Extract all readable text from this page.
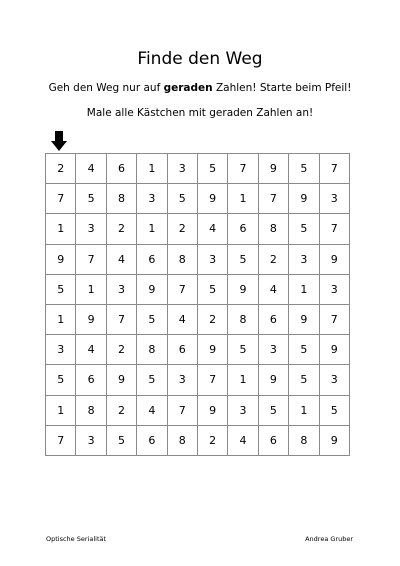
Finde den Weg
Geh den Weg nur auf geraden Zahlen! Starte beim Pfeil!
Male alle Kästchen mit geraden Zahlen an!
2	4	6	1	3	5	7	9	5	7
7	5	8	3	5	9	1	7	9	3
1	3	2	1	2	4	6	8	5	7
9	7	4	6	8	3	5	2	3	9
5	1	3	9	7	5	9	4	1	3
1	9	7	5	4	2	8	6	9	7
3	4	2	8	6	9	5	3	5	9
5	6	9	5	3	7	1	9	5	3
1	8	2	4	7	9	3	5	1	5
7	3	5	6	8	2	4	6	8	9
Optische Serialität	Andrea Gruber
